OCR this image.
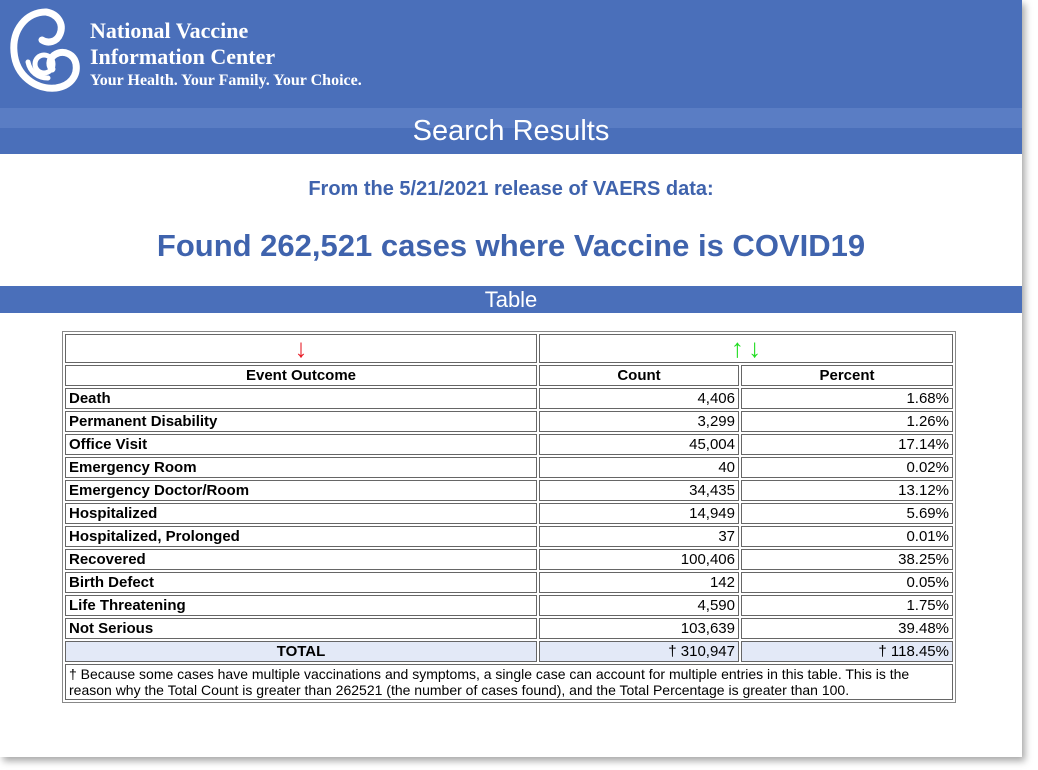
National Vaccine
Information Center
Your Health. Your Family. Your Choice.
Search Results
From the 5/21/2021 release of VAERS data:
Found 262,521 cases where Vaccine is COVID19
Table
↓	↑ ↓	
Event Outcome	Count	Percent
Death	4,406	1.68%
Permanent Disability	3,299	1.26%
Office Visit	45,004	17.14%
Emergency Room	40	0.02%
Emergency Doctor/Room	34,435	13.12%
Hospitalized	14,949	5.69%
Hospitalized, Prolonged	37	0.01%
Recovered	100,406	38.25%
Birth Defect	142	0.05%
Life Threatening	4,590	1.75%
Not Serious	103,639	39.48%
TOTAL	† 310,947	† 118.45%
† Because some cases have multiple vaccinations and symptoms, a single case can account for multiple entries in this table. This is the reason why the Total Count is greater than 262521 (the number of cases found), and the Total Percentage is greater than 100.		
